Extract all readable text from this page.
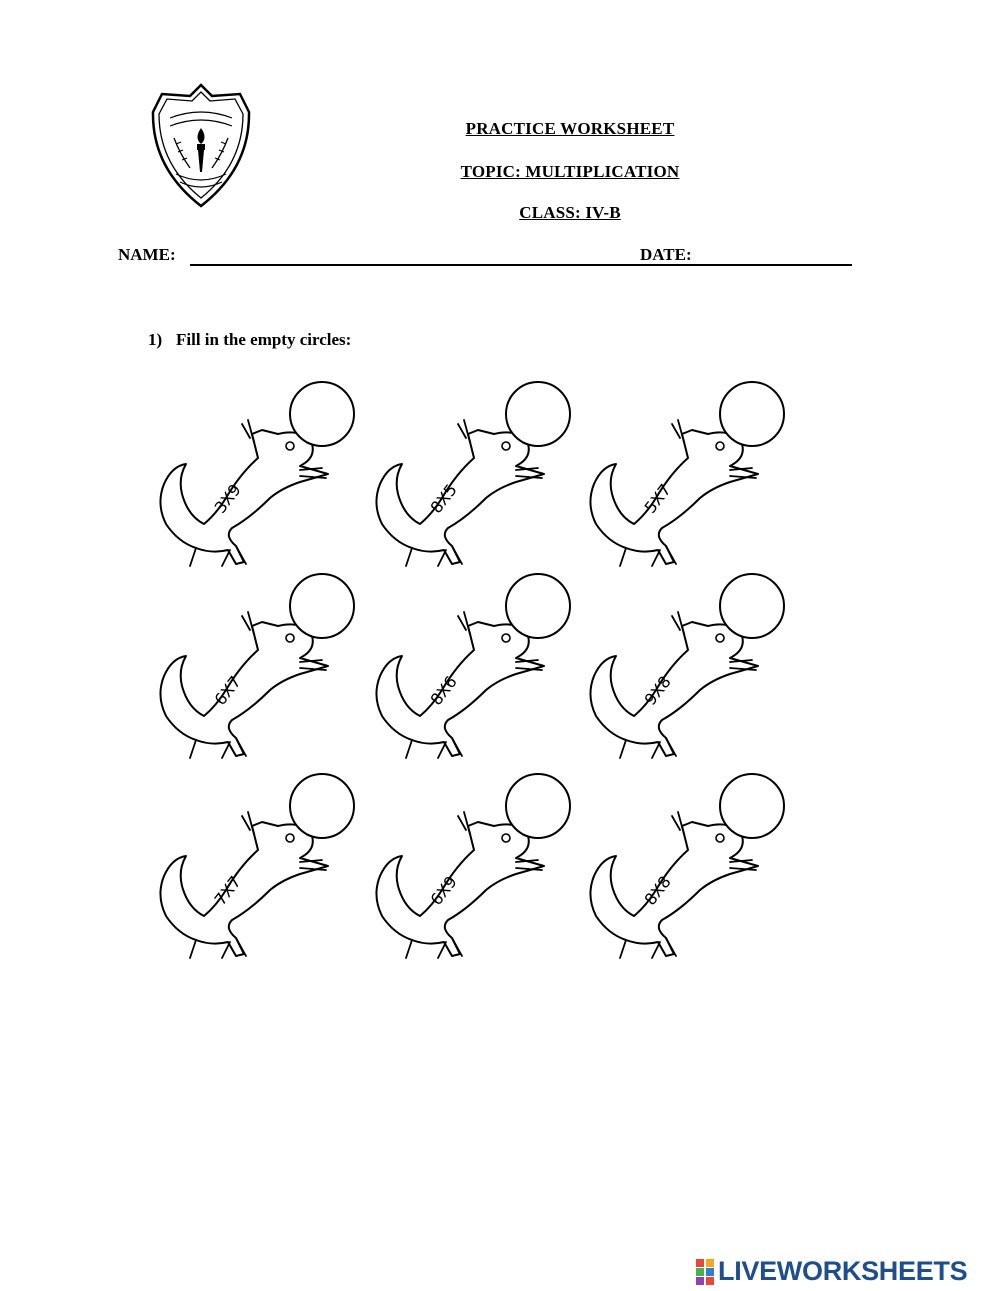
PRACTICE WORKSHEET
TOPIC: MULTIPLICATION
CLASS: IV-B
NAME:	DATE:
1) Fill in the empty circles:
3X9	8X5	5X7
6X7	8X6	9X8
7X7	6X9	8X8
LIVEWORKSHEETS
